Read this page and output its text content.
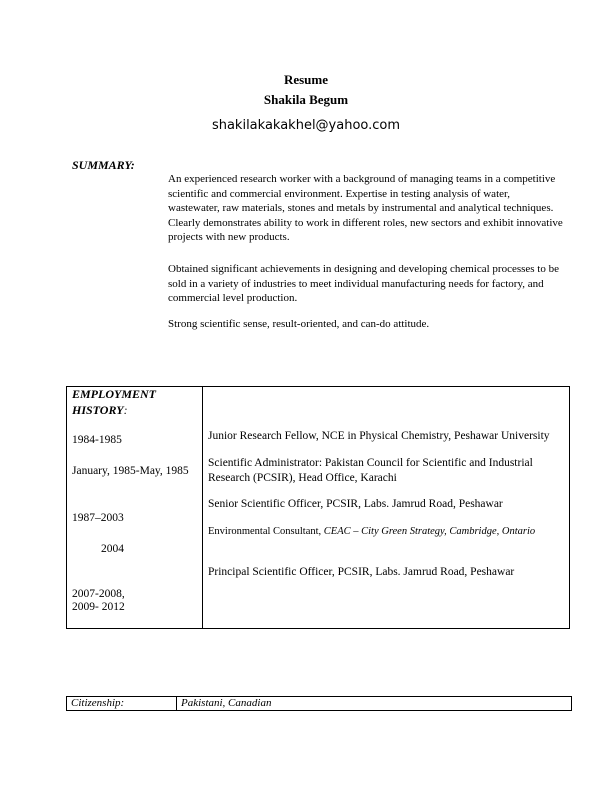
Resume
Shakila Begum
shakilakakakhel@yahoo.com
SUMMARY:
An experienced research worker with a background of managing teams in a competitive scientific and commercial environment. Expertise in testing analysis of water, wastewater, raw materials, stones and metals by instrumental and analytical techniques. Clearly demonstrates ability to work in different roles, new sectors and exhibit innovative projects with new products.
Obtained significant achievements in designing and developing chemical processes to be sold in a variety of industries to meet individual manufacturing needs for factory, and commercial level production.
Strong scientific sense, result-oriented, and can-do attitude.
EMPLOYMENT
HISTORY:
1984-1985
January, 1985-May, 1985
1987–2003
2004
2007-2008,
2009- 2012
Junior Research Fellow, NCE in Physical Chemistry, Peshawar University
Scientific Administrator: Pakistan Council for Scientific and Industrial Research (PCSIR), Head Office, Karachi
Senior Scientific Officer, PCSIR, Labs. Jamrud Road, Peshawar
Environmental Consultant, CEAC – City Green Strategy, Cambridge, Ontario
Principal Scientific Officer, PCSIR, Labs. Jamrud Road, Peshawar
Citizenship:	Pakistani, Canadian
